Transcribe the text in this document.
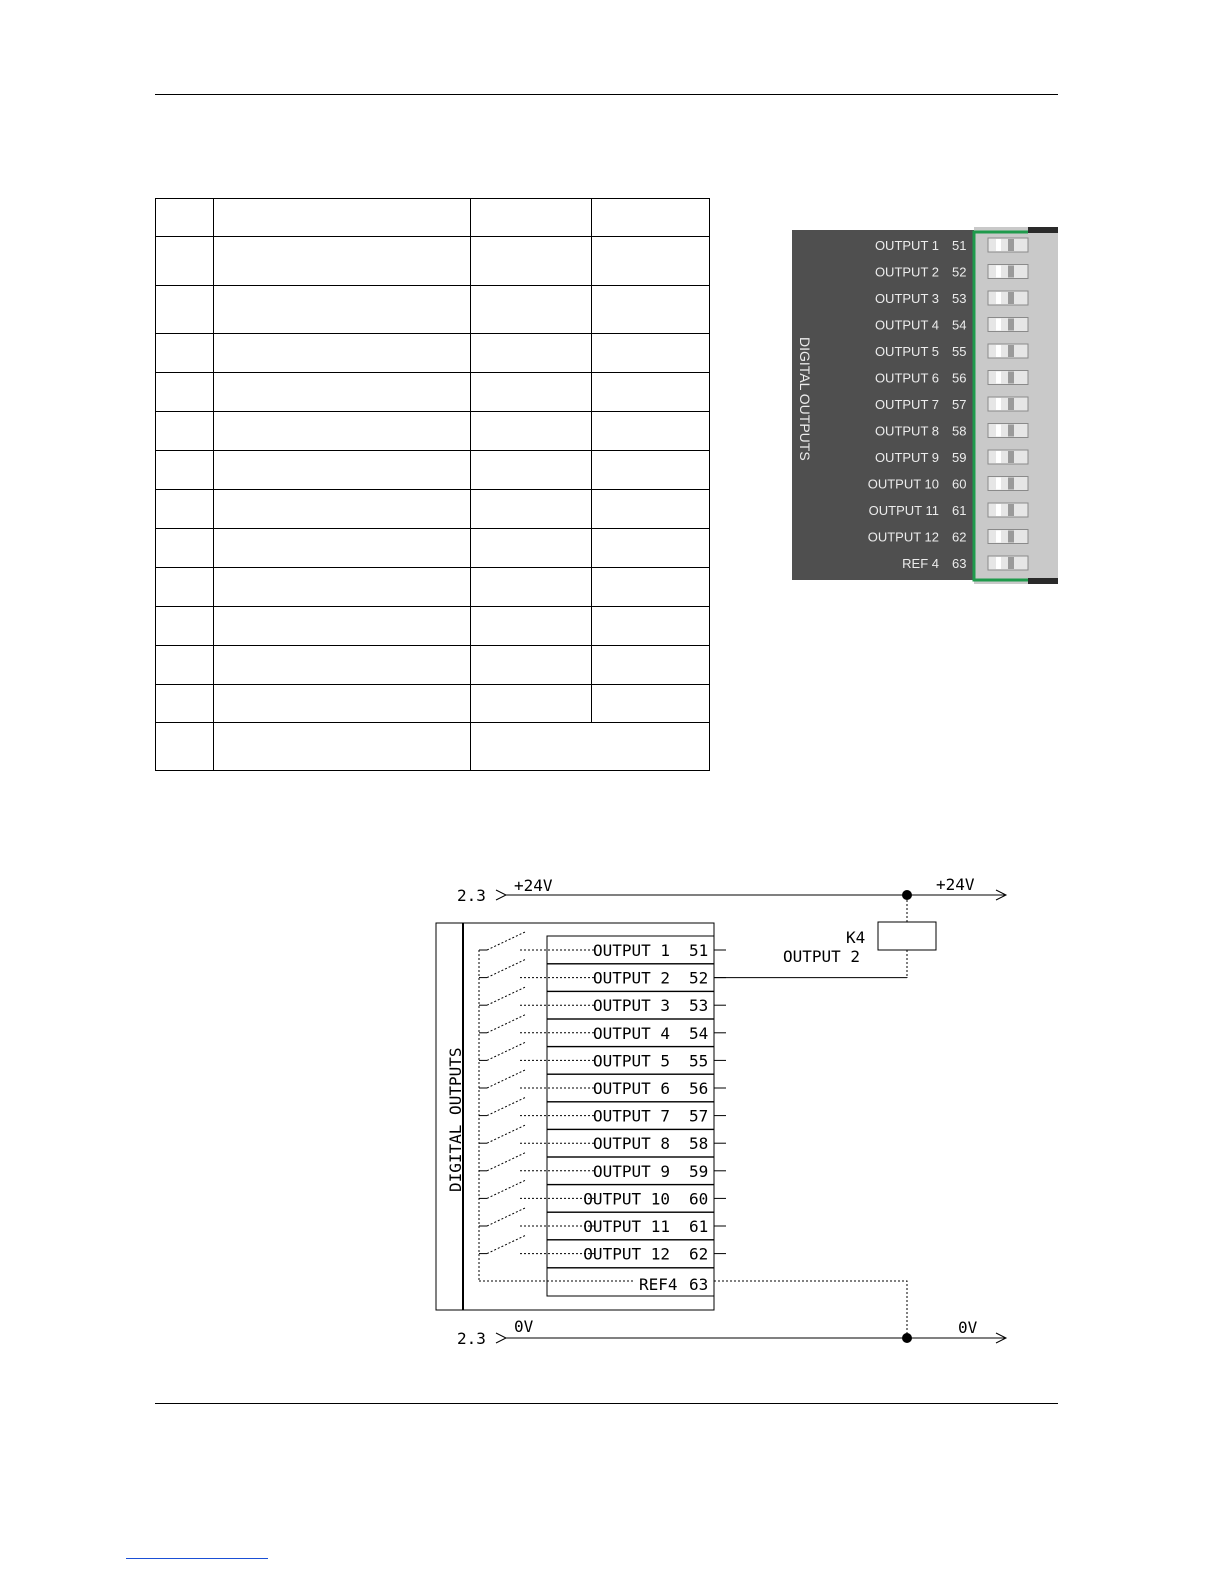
DIGITAL OUTPUTS
OUTPUT 1 51
OUTPUT 2 52
OUTPUT 3 53
OUTPUT 4 54
OUTPUT 5 55
OUTPUT 6 56
OUTPUT 7 57
OUTPUT 8 58
OUTPUT 9 59
OUTPUT 10 60
OUTPUT 11 61
OUTPUT 12 62
REF 4 63
2.3
+24V	+24V
2.3
0V	0V
K4
OUTPUT 2
DIGITAL OUTPUTS
OUTPUT 1 51
OUTPUT 2 52
OUTPUT 3 53
OUTPUT 4 54
OUTPUT 5 55
OUTPUT 6 56
OUTPUT 7 57
OUTPUT 8 58
OUTPUT 9 59
OUTPUT 10 60
OUTPUT 11 61
OUTPUT 12 62
REF4 63
